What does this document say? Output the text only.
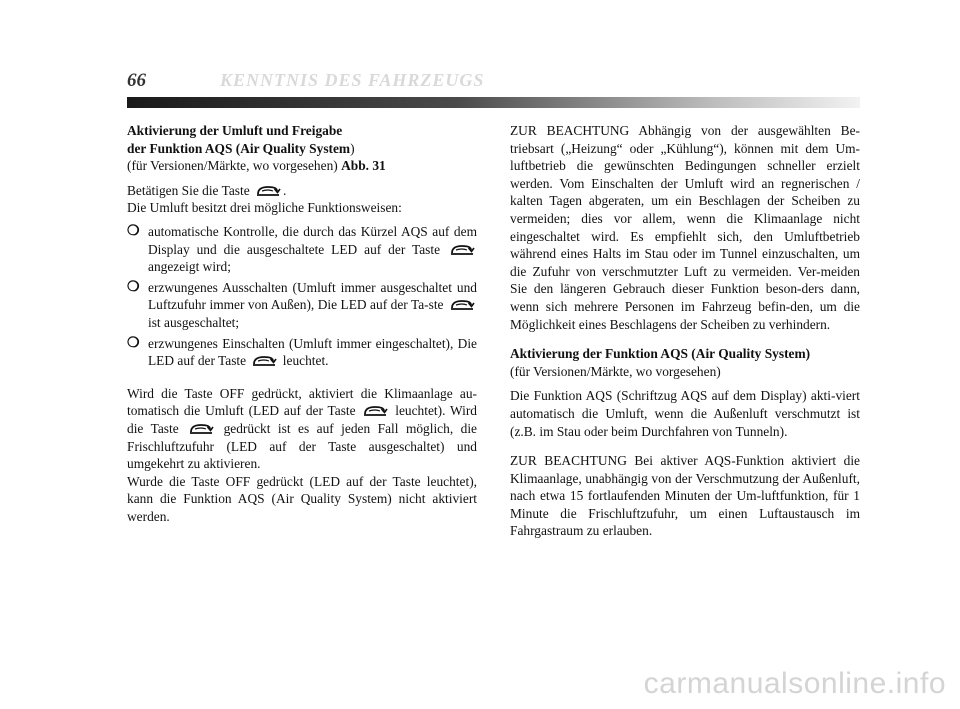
66	KENNTNIS DES FAHRZEUGS
Aktivierung der Umluft und Freigabe
der Funktion AQS (Air Quality System)
(für Versionen/Märkte, wo vorgesehen) Abb. 31

Betätigen Sie die Taste .
Die Umluft besitzt drei mögliche Funktionsweisen:

❍ automatische Kontrolle, die durch das Kürzel AQS auf dem Display und die ausgeschaltete LED auf der Taste
angezeigt wird;
❍ erzwungenes Ausschalten (Umluft immer ausgeschaltet und Luftzufuhr immer von Außen), Die LED auf der Ta-ste
ist ausgeschaltet;
❍ erzwungenes Einschalten (Umluft immer eingeschaltet), Die LED auf der Taste
leuchtet.

Wird die Taste OFF gedrückt, aktiviert die Klimaanlage au-tomatisch die Umluft (LED auf der Taste	leuchtet). Wird die Taste	gedrückt ist es auf jeden Fall möglich, die Frischluftzufuhr (LED auf der Taste ausgeschaltet) und umgekehrt zu aktivieren.

Wurde die Taste OFF gedrückt (LED auf der Taste leuchtet), kann die Funktion AQS (Air Quality System) nicht aktiviert werden.

ZUR BEACHTUNG Abhängig von der ausgewählten Be-triebsart („Heizung“ oder „Kühlung“), können mit dem Um-luftbetrieb die gewünschten Bedingungen schneller erzielt werden. Vom Einschalten der Umluft wird an regnerischen / kalten Tagen abgeraten, um ein Beschlagen der Scheiben zu vermeiden; dies vor allem, wenn die Klimaanlage nicht eingeschaltet wird. Es empfiehlt sich, den Umluftbetrieb während eines Halts im Stau oder im Tunnel einzuschalten, um die Zufuhr von verschmutzter Luft zu vermeiden. Ver-meiden Sie den längeren Gebrauch dieser Funktion beson-ders dann, wenn sich mehrere Personen im Fahrzeug befin-den, um die Möglichkeit eines Beschlagens der Scheiben zu verhindern.

Aktivierung der Funktion AQS (Air Quality System)
(für Versionen/Märkte, wo vorgesehen)

Die Funktion AQS (Schriftzug AQS auf dem Display) akti-viert automatisch die Umluft, wenn die Außenluft verschmutzt ist (z.B. im Stau oder beim Durchfahren von Tunneln).

ZUR BEACHTUNG Bei aktiver AQS-Funktion aktiviert die Klimaanlage, unabhängig von der Verschmutzung der Außenluft, nach etwa 15 fortlaufenden Minuten der Um-luftfunktion, für 1 Minute die Frischluftzufuhr, um einen Luftaustausch im Fahrgastraum zu erlauben.

carmanualsonline.info
